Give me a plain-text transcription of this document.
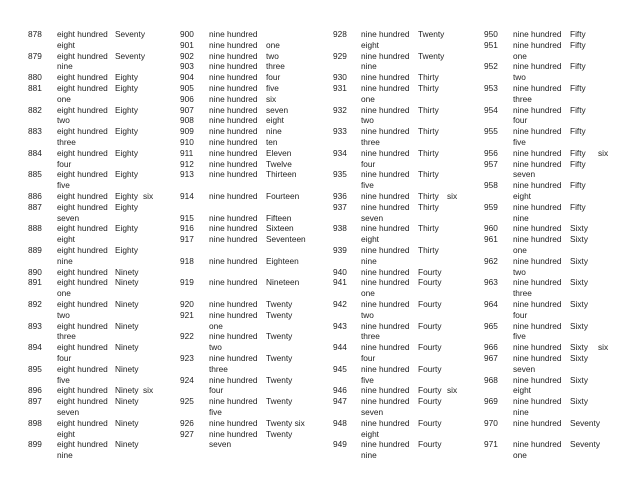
878 eight hundred Seventy
eight
879 eight hundred Seventy
nine
880 eight hundred Eighty
881 eight hundred Eighty
one
882 eight hundred Eighty
two
883 eight hundred Eighty
three
884 eight hundred Eighty
four
885 eight hundred Eighty
five
886 eight hundred Eighty six
887 eight hundred Eighty
seven
888 eight hundred Eighty
eight
889 eight hundred Eighty
nine
890 eight hundred Ninety
891 eight hundred Ninety
one
892 eight hundred Ninety
two
893 eight hundred Ninety
three
894 eight hundred Ninety
four
895 eight hundred Ninety
five
896 eight hundred Ninety six
897 eight hundred Ninety
seven
898 eight hundred Ninety
eight
899 eight hundred Ninety
nine
900 nine hundred
901 nine hundred one
902 nine hundred two
903 nine hundred three
904 nine hundred four
905 nine hundred five
906 nine hundred six
907 nine hundred seven
908 nine hundred eight
909 nine hundred nine
910 nine hundred ten
911 nine hundred Eleven
912 nine hundred Twelve
913 nine hundred Thirteen
914 nine hundred Fourteen
915 nine hundred Fifteen
916 nine hundred Sixteen
917 nine hundred Seventeen
918 nine hundred Eighteen
919 nine hundred Nineteen
920 nine hundred Twenty
921 nine hundred Twenty
one
922 nine hundred Twenty
two
923 nine hundred Twenty
three
924 nine hundred Twenty
four
925 nine hundred Twenty
five
926 nine hundred Twenty six
927 nine hundred Twenty
seven
928 nine hundred Twenty
eight
929 nine hundred Twenty
nine
930 nine hundred Thirty
931 nine hundred Thirty
one
932 nine hundred Thirty
two
933 nine hundred Thirty
three
934 nine hundred Thirty
four
935 nine hundred Thirty
five
936 nine hundred Thirty six
937 nine hundred Thirty
seven
938 nine hundred Thirty
eight
939 nine hundred Thirty
nine
940 nine hundred Fourty
941 nine hundred Fourty
one
942 nine hundred Fourty
two
943 nine hundred Fourty
three
944 nine hundred Fourty
four
945 nine hundred Fourty
five
946 nine hundred Fourty six
947 nine hundred Fourty
seven
948 nine hundred Fourty
eight
949 nine hundred Fourty
nine
950 nine hundred Fifty
951 nine hundred Fifty
one
952 nine hundred Fifty
two
953 nine hundred Fifty
three
954 nine hundred Fifty
four
955 nine hundred Fifty
five
956 nine hundred Fifty six
957 nine hundred Fifty
seven
958 nine hundred Fifty
eight
959 nine hundred Fifty
nine
960 nine hundred Sixty
961 nine hundred Sixty
one
962 nine hundred Sixty
two
963 nine hundred Sixty
three
964 nine hundred Sixty
four
965 nine hundred Sixty
five
966 nine hundred Sixty six
967 nine hundred Sixty
seven
968 nine hundred Sixty
eight
969 nine hundred Sixty
nine
970 nine hundred Seventy
971 nine hundred Seventy
one
